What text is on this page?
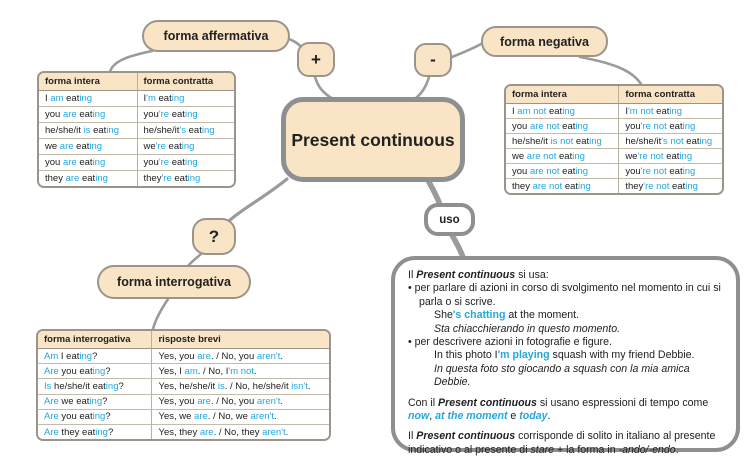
forma affermativa
+	-
forma negativa
Present continuous
?
forma interrogativa
uso
forma intera	forma contratta
I am eating	I'm eating
you are eating	you're eating
he/she/it is eating	he/she/it's eating
we are eating	we're eating
you are eating	you're eating
they are eating	they're eating
forma intera	forma contratta
I am not eating	I'm not eating
you are not eating	you're not eating
he/she/it is not eating	he/she/it's not eating
we are not eating	we're not eating
you are not eating	you're not eating
they are not eating	they're not eating
forma interrogativa	risposte brevi
Am I eating?	Yes, you are. / No, you aren't.
Are you eating?	Yes, I am. / No, I'm not.
Is he/she/it eating?	Yes, he/she/it is. / No, he/she/it isn't.
Are we eating?	Yes, you are. / No, you aren't.
Are you eating?	Yes, we are. / No, we aren't.
Are they eating?	Yes, they are. / No, they aren't.

Il Present continuous si usa:

• per parlare di azioni in corso di svolgimento nel momento in cui si parla o si scrive.

She's chatting at the moment.

Sta chiacchierando in questo momento.

• per descrivere azioni in fotografie e figure.

In this photo I'm playing squash with my friend Debbie.

In questa foto sto giocando a squash con la mia amica Debbie.

Con il Present continuous si usano espressioni di tempo come now, at the moment e today.

Il Present continuous corrisponde di solito in italiano al presente indicativo o al presente di stare + la forma in -ando/-endo.
